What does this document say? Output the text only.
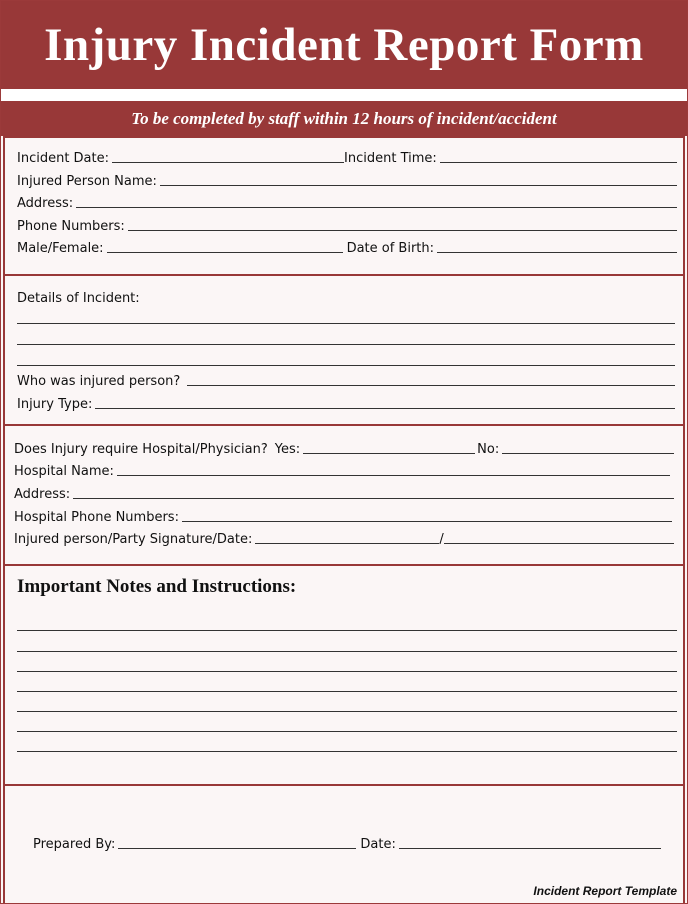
Injury Incident Report Form
To be completed by staff within 12 hours of incident/accident
Incident Date:	Incident Time:
Injured Person Name:
Address:
Phone Numbers:
Male/Female:	Date of Birth:
Details of Incident:
Who was injured person?
Injury Type:
Does Injury require Hospital/Physician? Yes:	No:
Hospital Name:
Address:
Hospital Phone Numbers:
Injured person/Party Signature/Date:	/
Important Notes and Instructions:
Prepared By:	Date:
Incident Report Template
